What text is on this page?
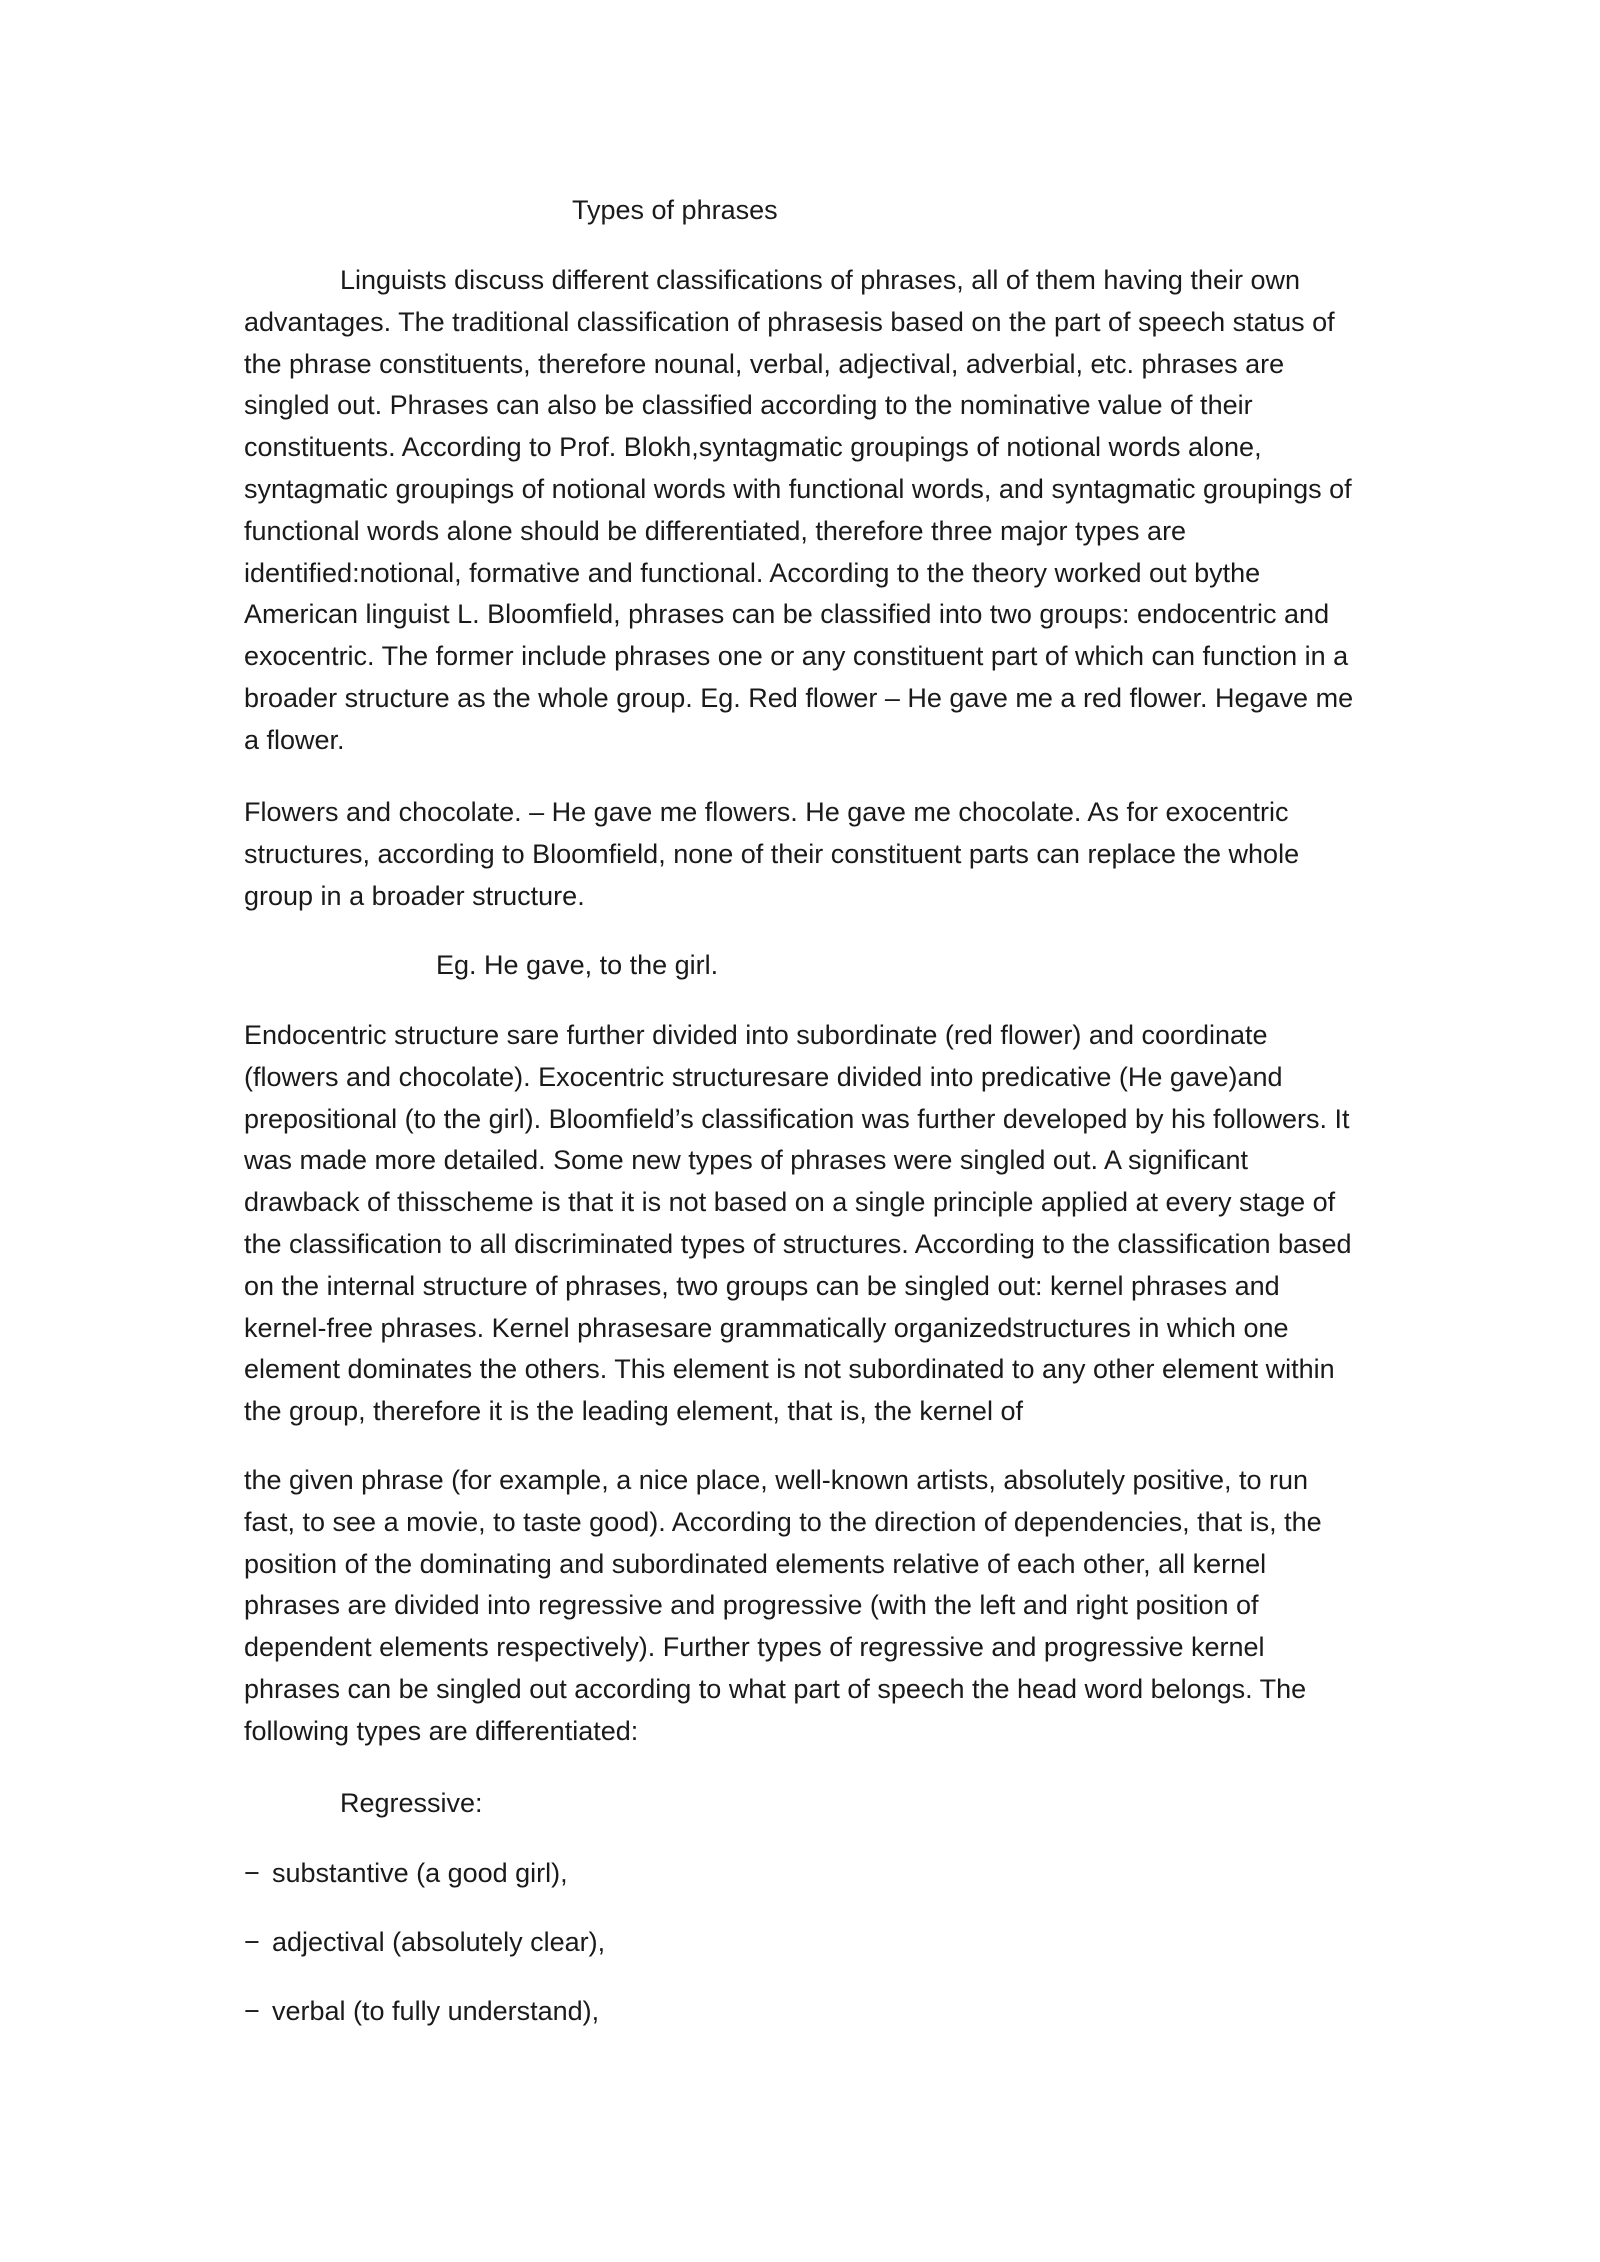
Types of phrases

Linguists discuss different classifications of phrases, all of them having their own advantages. The traditional classification of phrasesis based on the part of speech status of the phrase constituents, therefore nounal, verbal, adjectival, adverbial, etc. phrases are singled out. Phrases can also be classified according to the nominative value of their constituents. According to Prof. Blokh,syntagmatic groupings of notional words alone, syntagmatic groupings of notional words with functional words, and syntagmatic groupings of functional words alone should be differentiated, therefore three major types are identified:notional, formative and functional. According to the theory worked out bythe American linguist L. Bloomfield, phrases can be classified into two groups: endocentric and exocentric. The former include phrases one or any constituent part of which can function in a broader structure as the whole group. Eg. Red flower – He gave me a red flower. Hegave me a flower.

Flowers and chocolate. – He gave me flowers. He gave me chocolate. As for exocentric structures, according to Bloomfield, none of their constituent parts can replace the whole group in a broader structure.

Eg. He gave, to the girl.

Endocentric structure sare further divided into subordinate (red flower) and coordinate (flowers and chocolate). Exocentric structuresare divided into predicative (He gave)and prepositional (to the girl). Bloomfield’s classification was further developed by his followers. It was made more detailed. Some new types of phrases were singled out. A significant drawback of thisscheme is that it is not based on a single principle applied at every stage of the classification to all discriminated types of structures. According to the classification based on the internal structure of phrases, two groups can be singled out: kernel phrases and kernel-free phrases. Kernel phrasesare grammatically organizedstructures in which one element dominates the others. This element is not subordinated to any other element within the group, therefore it is the leading element, that is, the kernel of

the given phrase (for example, a nice place, well-known artists, absolutely positive, to run fast, to see a movie, to taste good). According to the direction of dependencies, that is, the position of the dominating and subordinated elements relative of each other, all kernel phrases are divided into regressive and progressive (with the left and right position of dependent elements respectively). Further types of regressive and progressive kernel phrases can be singled out according to what part of speech the head word belongs. The following types are differentiated:

Regressive:

− substantive (a good girl),

− adjectival (absolutely clear),

− verbal (to fully understand),
